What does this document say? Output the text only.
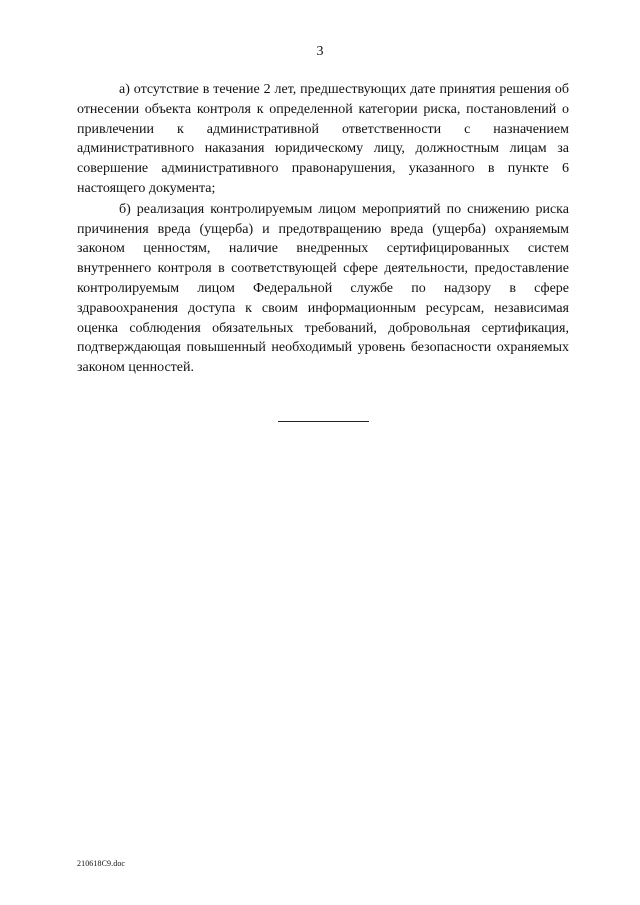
3

а) отсутствие в течение 2 лет, предшествующих дате принятия решения об отнесении объекта контроля к определенной категории риска, постановлений о привлечении к административной ответственности с назначением административного наказания юридическому лицу, должностным лицам за совершение административного правонарушения, указанного в пункте 6 настоящего документа;

б) реализация контролируемым лицом мероприятий по снижению риска причинения вреда (ущерба) и предотвращению вреда (ущерба) охраняемым законом ценностям, наличие внедренных сертифицированных систем внутреннего контроля в соответствующей сфере деятельности, предоставление контролируемым лицом Федеральной службе по надзору в сфере здравоохранения доступа к своим информационным ресурсам, независимая оценка соблюдения обязательных требований, добровольная сертификация, подтверждающая повышенный необходимый уровень безопасности охраняемых законом ценностей.

210618C9.doc
